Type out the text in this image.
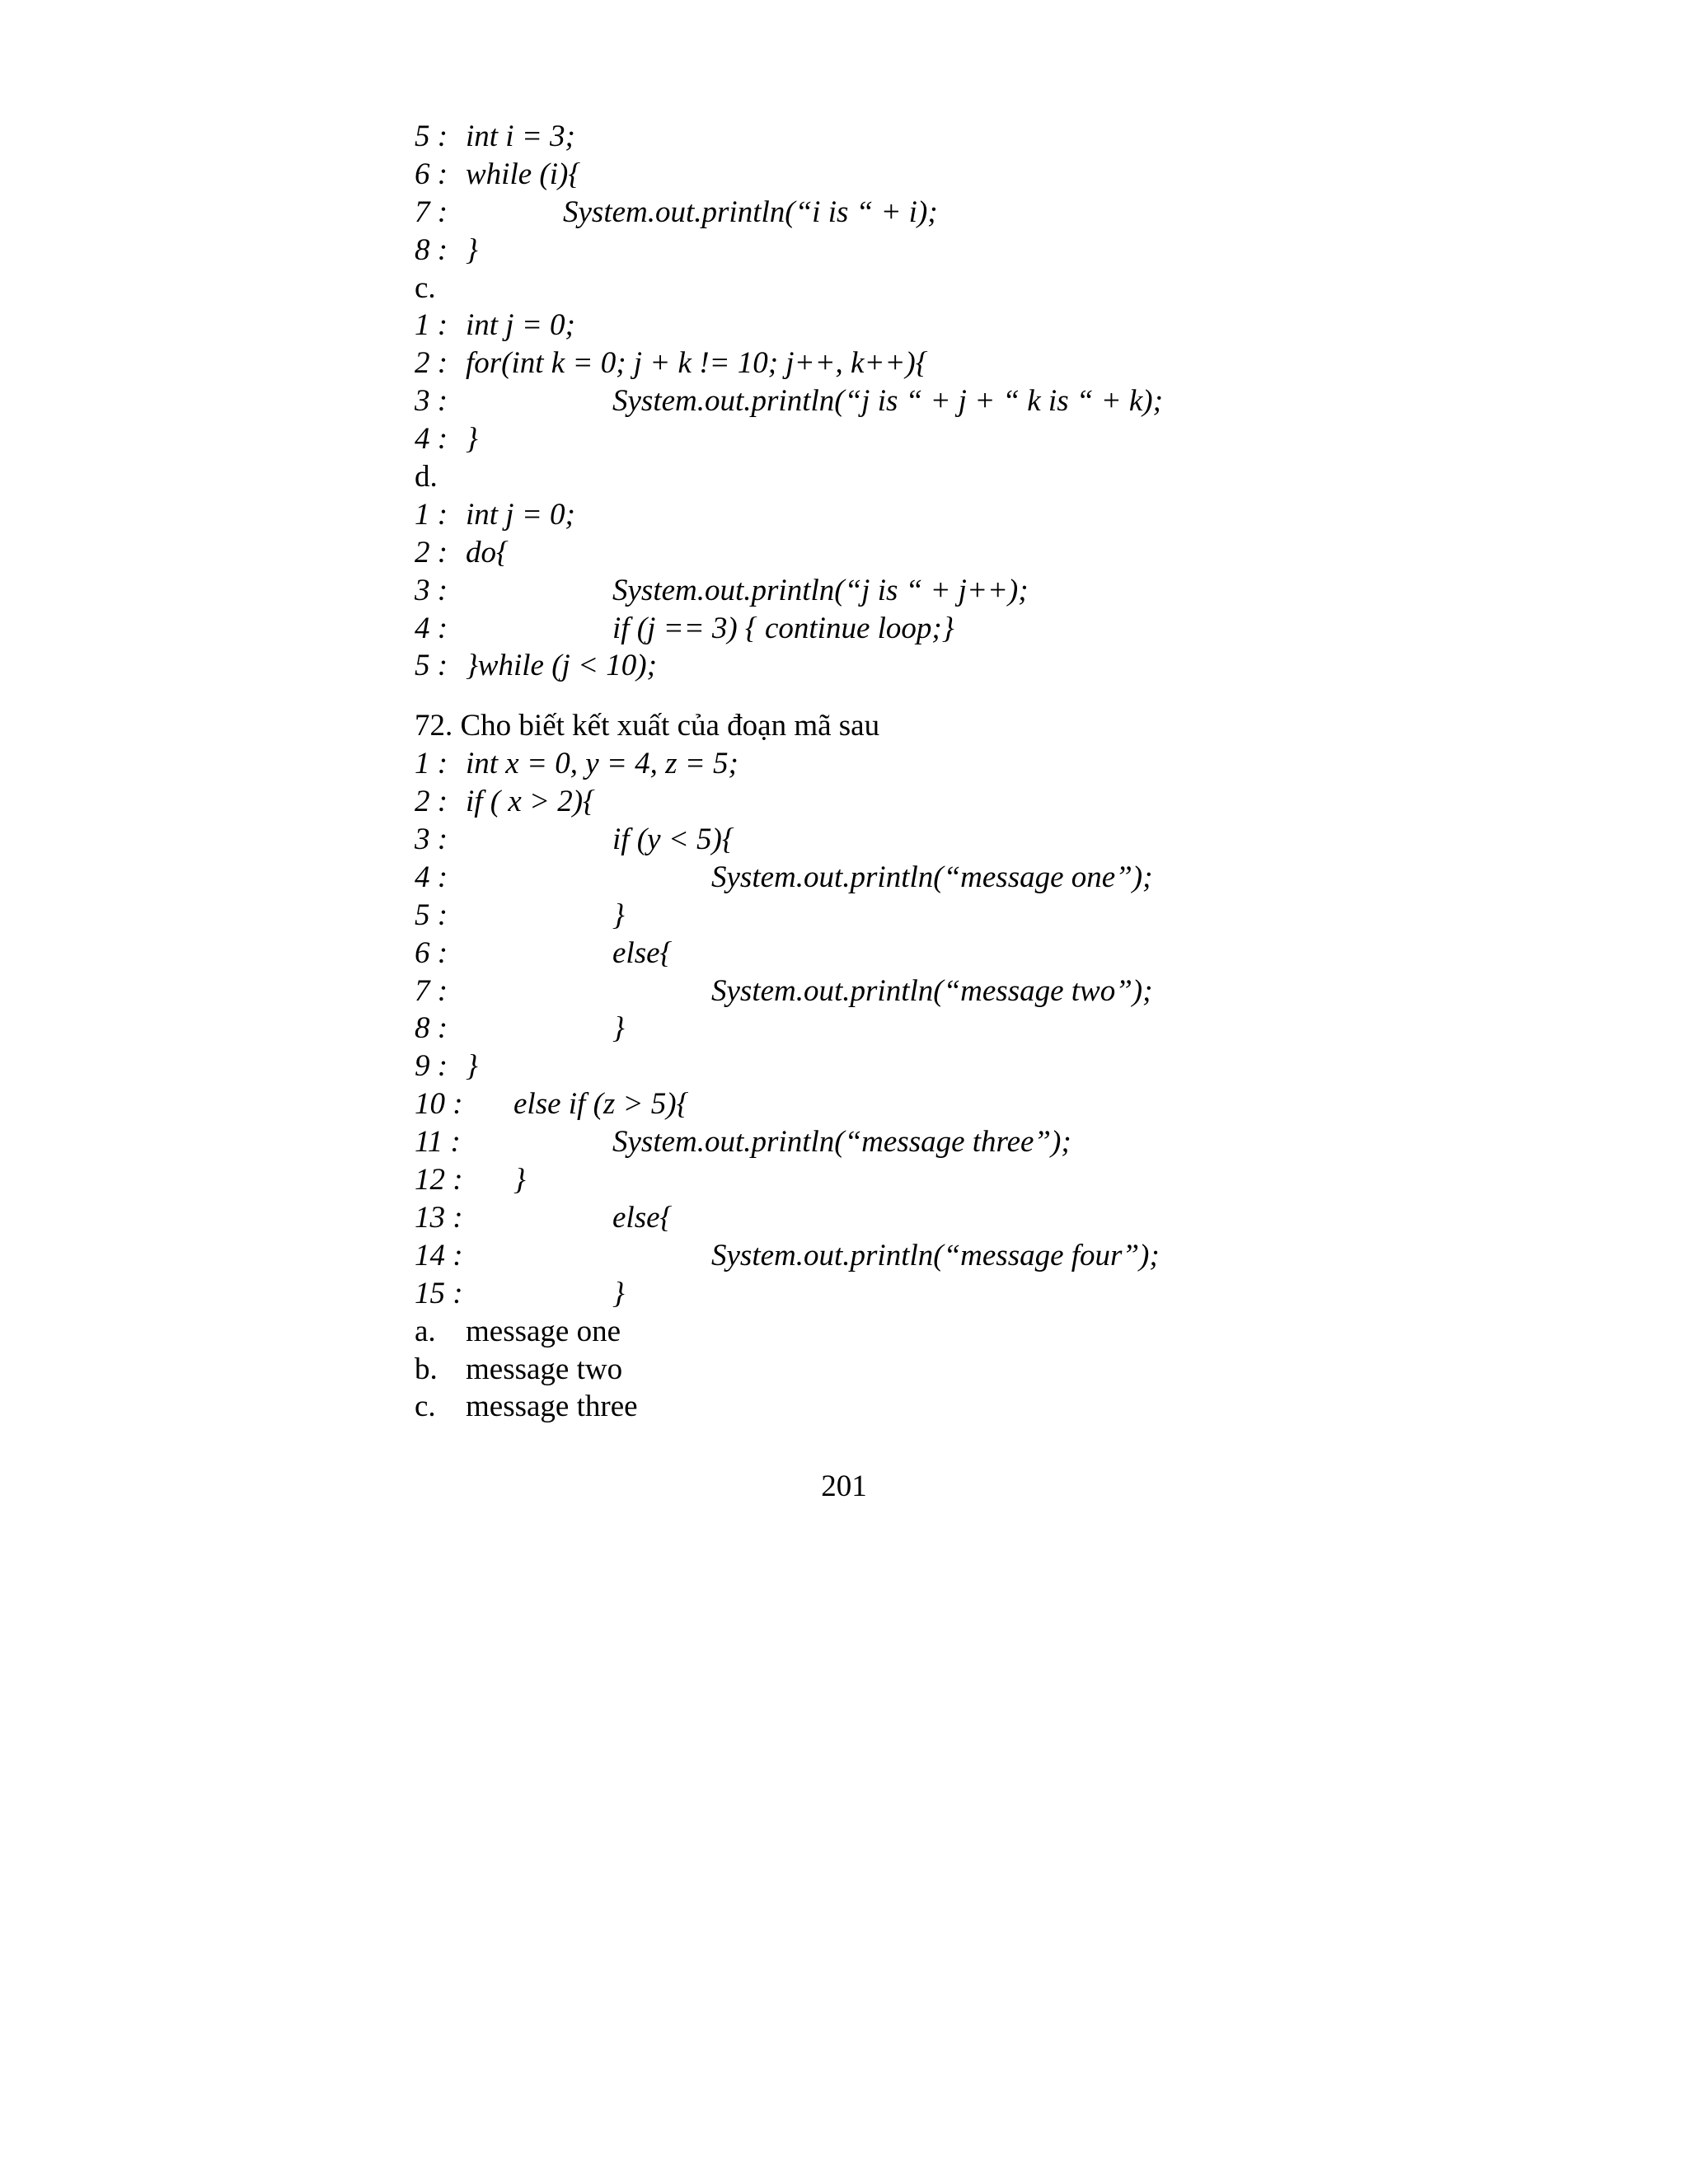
5 : int i = 3;
6 : while (i){
7 :	System.out.println(“i is “ + i);
8 : }
c.
1 : int j = 0;
2 : for(int k = 0; j + k != 10; j++, k++){
3 :	System.out.println(“j is “ + j + “ k is “ + k);
4 : }
d.
1 : int j = 0;
2 : do{
3 :	System.out.println(“j is “ + j++);
4 :	if (j == 3) { continue loop;}
5 : }while (j < 10);
72. Cho biết kết xuất của đoạn mã sau
1 : int x = 0, y = 4, z = 5;
2 : if ( x > 2){
3 :	if (y < 5){
4 :	System.out.println(“message one”);
5 :	}
6 :	else{
7 :	System.out.println(“message two”);
8 :	}
9 : }
10 : else if (z > 5){
11 :	System.out.println(“message three”);
12 : }
13 :	else{
14 :	System.out.println(“message four”);
15 :	}
a. message one
b. message two
c. message three
201
